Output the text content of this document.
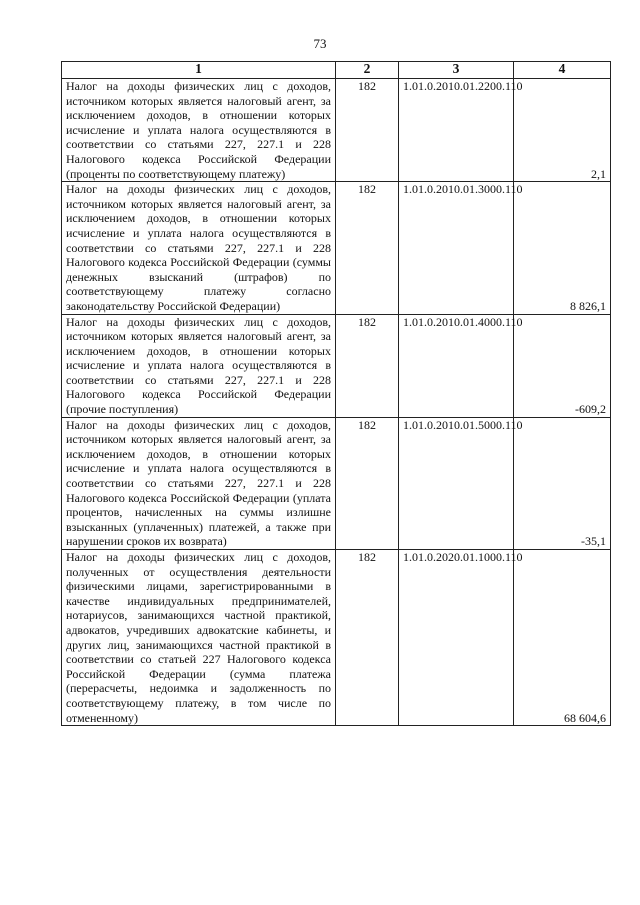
73
1	2	3	4
Налог на доходы физических лиц с доходов, источником которых является налоговый агент, за исключением доходов, в отношении которых исчисление и уплата налога осуществляются в соответствии со статьями 227, 227.1 и 228 Налогового кодекса Российской Федерации (проценты по соответствующему платежу)	182	1.01.0.2010.01.2200.110	2,1
Налог на доходы физических лиц с доходов, источником которых является налоговый агент, за исключением доходов, в отношении которых исчисление и уплата налога осуществляются в соответствии со статьями 227, 227.1 и 228 Налогового кодекса Российской Федерации (суммы денежных взысканий (штрафов) по соответствующему платежу согласно законодательству Российской Федерации)	182	1.01.0.2010.01.3000.110	8 826,1
Налог на доходы физических лиц с доходов, источником которых является налоговый агент, за исключением доходов, в отношении которых исчисление и уплата налога осуществляются в соответствии со статьями 227, 227.1 и 228 Налогового кодекса Российской Федерации (прочие поступления)	182	1.01.0.2010.01.4000.110	-609,2
Налог на доходы физических лиц с доходов, источником которых является налоговый агент, за исключением доходов, в отношении которых исчисление и уплата налога осуществляются в соответствии со статьями 227, 227.1 и 228 Налогового кодекса Российской Федерации (уплата процентов, начисленных на суммы излишне взысканных (уплаченных) платежей, а также при нарушении сроков их возврата)	182	1.01.0.2010.01.5000.110	-35,1
Налог на доходы физических лиц с доходов, полученных от осуществления деятельности физическими лицами, зарегистрированными в качестве индивидуальных предпринимателей, нотариусов, занимающихся частной практикой, адвокатов, учредивших адвокатские кабинеты, и других лиц, занимающихся частной практикой в соответствии со статьей 227 Налогового кодекса Российской Федерации (сумма платежа (перерасчеты, недоимка и задолженность по соответствующему платежу, в том числе по отмененному)	182	1.01.0.2020.01.1000.110	68 604,6
